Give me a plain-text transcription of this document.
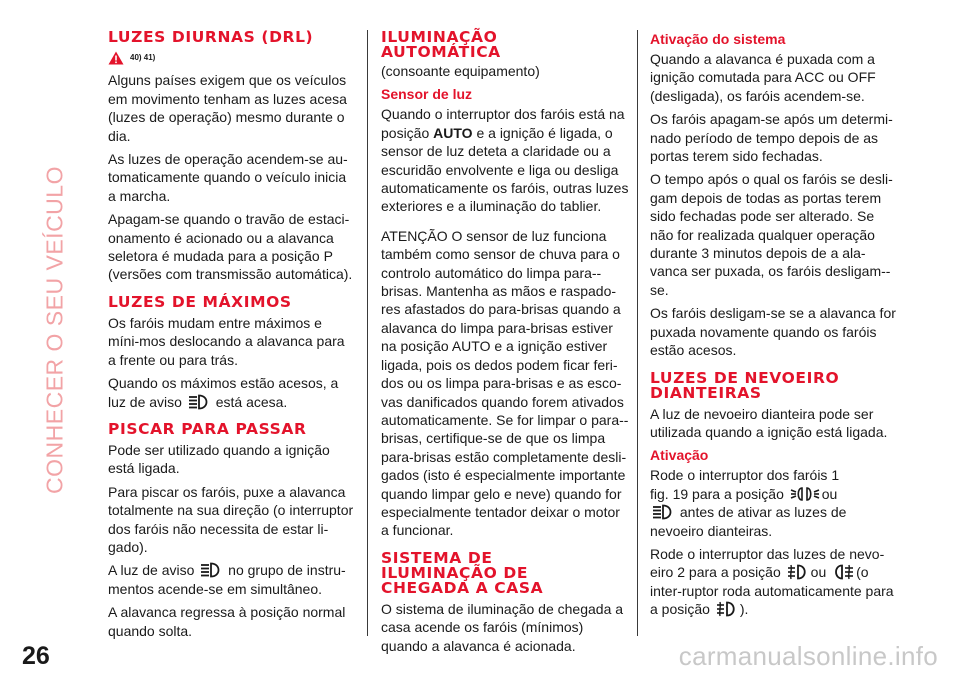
CONHECER O SEU VEÍCULO
LUZES DIURNAS (DRL)
40) 41)

Alguns países exigem que os veículos em movimento tenham as luzes acesa (luzes de operação) mesmo durante o dia.

As luzes de operação acendem-se au-tomaticamente quando o veículo inicia a marcha.

Apagam-se quando o travão de estaci-onamento é acionado ou a alavanca seletora é mudada para a posição P (versões com transmissão automática).

LUZES DE MÁXIMOS

Os faróis mudam entre máximos e míni-mos deslocando a alavanca para a frente ou para trás.

Quando os máximos estão acesos, a luz de aviso está acesa.

PISCAR PARA PASSAR

Pode ser utilizado quando a ignição está ligada.

Para piscar os faróis, puxe a alavanca totalmente na sua direção (o interruptor dos faróis não necessita de estar li-gado).

A luz de aviso no grupo de instru-mentos acende-se em simultâneo.

A alavanca regressa à posição normal quando solta.

ILUMINAÇÃO
AUTOMÁTICA

(consoante equipamento)

Sensor de luz

Quando o interruptor dos faróis está na posição AUTO e a ignição é ligada, o sensor de luz deteta a claridade ou a escuridão envolvente e liga ou desliga automaticamente os faróis, outras luzes exteriores e a iluminação do tablier.

ATENÇÃO O sensor de luz funciona também como sensor de chuva para o controlo automático do limpa para--brisas. Mantenha as mãos e raspado-res afastados do para-brisas quando a alavanca do limpa para-brisas estiver na posição AUTO e a ignição estiver ligada, pois os dedos podem ficar feri-dos ou os limpa para-brisas e as esco-vas danificados quando forem ativados automaticamente. Se for limpar o para--brisas, certifique-se de que os limpa para-brisas estão completamente desli-gados (isto é especialmente importante quando limpar gelo e neve) quando for especialmente tentador deixar o motor a funcionar.

SISTEMA DE
ILUMINAÇÃO DE
CHEGADA A CASA

O sistema de iluminação de chegada a casa acende os faróis (mínimos) quando a alavanca é acionada.

Ativação do sistema

Quando a alavanca é puxada com a ignição comutada para ACC ou OFF (desligada), os faróis acendem-se.

Os faróis apagam-se após um determi-nado período de tempo depois de as portas terem sido fechadas.

O tempo após o qual os faróis se desli-gam depois de todas as portas terem sido fechadas pode ser alterado. Se não for realizada qualquer operação durante 3 minutos depois de a ala-vanca ser puxada, os faróis desligam--se.

Os faróis desligam-se se a alavanca for puxada novamente quando os faróis estão acesos.

LUZES DE NEVOEIRO
DIANTEIRAS

A luz de nevoeiro dianteira pode ser utilizada quando a ignição está ligada.

Ativação

Rode o interruptor dos faróis 1
fig. 19 para a posição	ou
antes de ativar as luzes de nevoeiro dianteiras.

Rode o interruptor das luzes de nevo-eiro 2 para a posição ou (o inter-ruptor roda automaticamente para a posição ).

26	carmanualsonline.info
